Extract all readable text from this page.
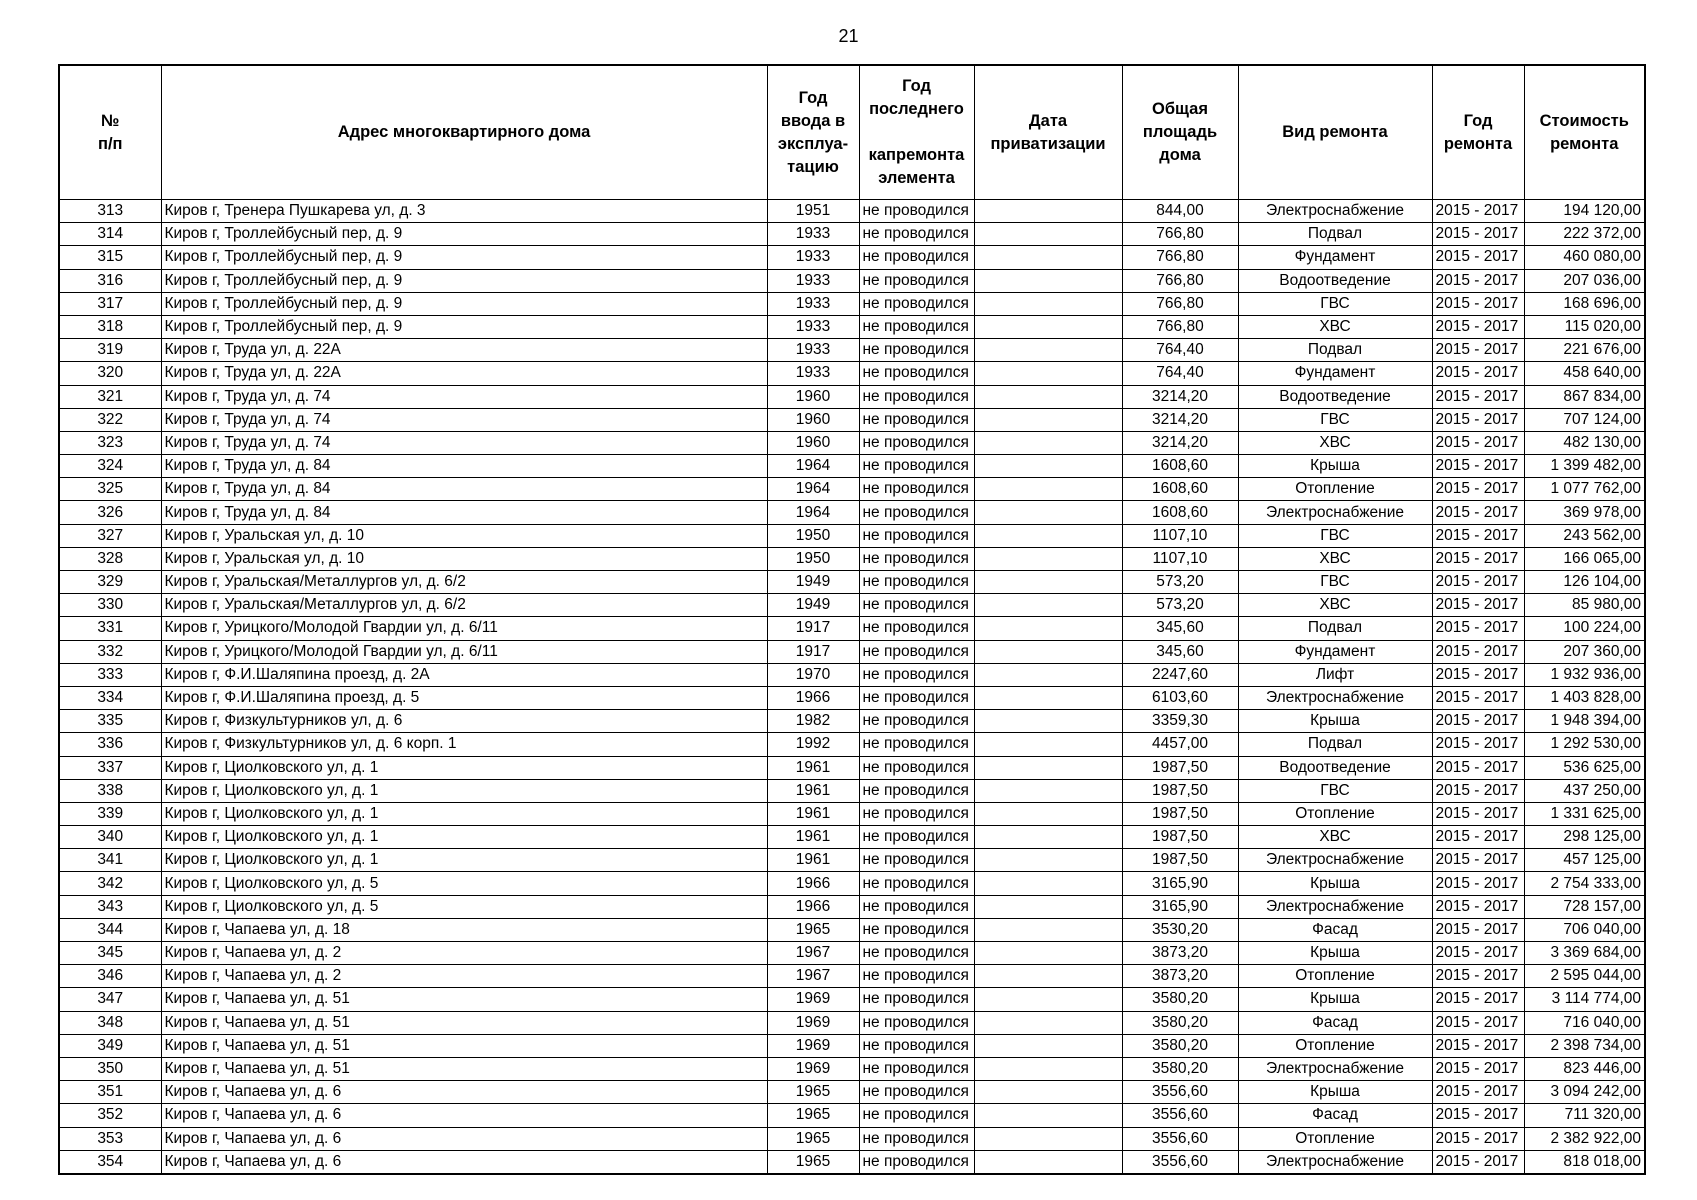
21
№
п/п	Адрес многоквартирного дома	Год
ввода в
эксплуа-
тацию	Год
последнего

капремонта
элемента	Дата
приватизации	Общая
площадь
дома	Вид ремонта	Год
ремонта	Стоимость
ремонта
313	Киров г, Тренера Пушкарева ул, д. 3	1951	не проводился		844,00	Электроснабжение	2015 - 2017	194 120,00
314	Киров г, Троллейбусный пер, д. 9	1933	не проводился		766,80	Подвал	2015 - 2017	222 372,00
315	Киров г, Троллейбусный пер, д. 9	1933	не проводился		766,80	Фундамент	2015 - 2017	460 080,00
316	Киров г, Троллейбусный пер, д. 9	1933	не проводился		766,80	Водоотведение	2015 - 2017	207 036,00
317	Киров г, Троллейбусный пер, д. 9	1933	не проводился		766,80	ГВС	2015 - 2017	168 696,00
318	Киров г, Троллейбусный пер, д. 9	1933	не проводился		766,80	ХВС	2015 - 2017	115 020,00
319	Киров г, Труда ул, д. 22А	1933	не проводился		764,40	Подвал	2015 - 2017	221 676,00
320	Киров г, Труда ул, д. 22А	1933	не проводился		764,40	Фундамент	2015 - 2017	458 640,00
321	Киров г, Труда ул, д. 74	1960	не проводился		3214,20	Водоотведение	2015 - 2017	867 834,00
322	Киров г, Труда ул, д. 74	1960	не проводился		3214,20	ГВС	2015 - 2017	707 124,00
323	Киров г, Труда ул, д. 74	1960	не проводился		3214,20	ХВС	2015 - 2017	482 130,00
324	Киров г, Труда ул, д. 84	1964	не проводился		1608,60	Крыша	2015 - 2017	1 399 482,00
325	Киров г, Труда ул, д. 84	1964	не проводился		1608,60	Отопление	2015 - 2017	1 077 762,00
326	Киров г, Труда ул, д. 84	1964	не проводился		1608,60	Электроснабжение	2015 - 2017	369 978,00
327	Киров г, Уральская ул, д. 10	1950	не проводился		1107,10	ГВС	2015 - 2017	243 562,00
328	Киров г, Уральская ул, д. 10	1950	не проводился		1107,10	ХВС	2015 - 2017	166 065,00
329	Киров г, Уральская/Металлургов ул, д. 6/2	1949	не проводился		573,20	ГВС	2015 - 2017	126 104,00
330	Киров г, Уральская/Металлургов ул, д. 6/2	1949	не проводился		573,20	ХВС	2015 - 2017	85 980,00
331	Киров г, Урицкого/Молодой Гвардии ул, д. 6/11	1917	не проводился		345,60	Подвал	2015 - 2017	100 224,00
332	Киров г, Урицкого/Молодой Гвардии ул, д. 6/11	1917	не проводился		345,60	Фундамент	2015 - 2017	207 360,00
333	Киров г, Ф.И.Шаляпина проезд, д. 2А	1970	не проводился		2247,60	Лифт	2015 - 2017	1 932 936,00
334	Киров г, Ф.И.Шаляпина проезд, д. 5	1966	не проводился		6103,60	Электроснабжение	2015 - 2017	1 403 828,00
335	Киров г, Физкультурников ул, д. 6	1982	не проводился		3359,30	Крыша	2015 - 2017	1 948 394,00
336	Киров г, Физкультурников ул, д. 6 корп. 1	1992	не проводился		4457,00	Подвал	2015 - 2017	1 292 530,00
337	Киров г, Циолковского ул, д. 1	1961	не проводился		1987,50	Водоотведение	2015 - 2017	536 625,00
338	Киров г, Циолковского ул, д. 1	1961	не проводился		1987,50	ГВС	2015 - 2017	437 250,00
339	Киров г, Циолковского ул, д. 1	1961	не проводился		1987,50	Отопление	2015 - 2017	1 331 625,00
340	Киров г, Циолковского ул, д. 1	1961	не проводился		1987,50	ХВС	2015 - 2017	298 125,00
341	Киров г, Циолковского ул, д. 1	1961	не проводился		1987,50	Электроснабжение	2015 - 2017	457 125,00
342	Киров г, Циолковского ул, д. 5	1966	не проводился		3165,90	Крыша	2015 - 2017	2 754 333,00
343	Киров г, Циолковского ул, д. 5	1966	не проводился		3165,90	Электроснабжение	2015 - 2017	728 157,00
344	Киров г, Чапаева ул, д. 18	1965	не проводился		3530,20	Фасад	2015 - 2017	706 040,00
345	Киров г, Чапаева ул, д. 2	1967	не проводился		3873,20	Крыша	2015 - 2017	3 369 684,00
346	Киров г, Чапаева ул, д. 2	1967	не проводился		3873,20	Отопление	2015 - 2017	2 595 044,00
347	Киров г, Чапаева ул, д. 51	1969	не проводился		3580,20	Крыша	2015 - 2017	3 114 774,00
348	Киров г, Чапаева ул, д. 51	1969	не проводился		3580,20	Фасад	2015 - 2017	716 040,00
349	Киров г, Чапаева ул, д. 51	1969	не проводился		3580,20	Отопление	2015 - 2017	2 398 734,00
350	Киров г, Чапаева ул, д. 51	1969	не проводился		3580,20	Электроснабжение	2015 - 2017	823 446,00
351	Киров г, Чапаева ул, д. 6	1965	не проводился		3556,60	Крыша	2015 - 2017	3 094 242,00
352	Киров г, Чапаева ул, д. 6	1965	не проводился		3556,60	Фасад	2015 - 2017	711 320,00
353	Киров г, Чапаева ул, д. 6	1965	не проводился		3556,60	Отопление	2015 - 2017	2 382 922,00
354	Киров г, Чапаева ул, д. 6	1965	не проводился		3556,60	Электроснабжение	2015 - 2017	818 018,00
